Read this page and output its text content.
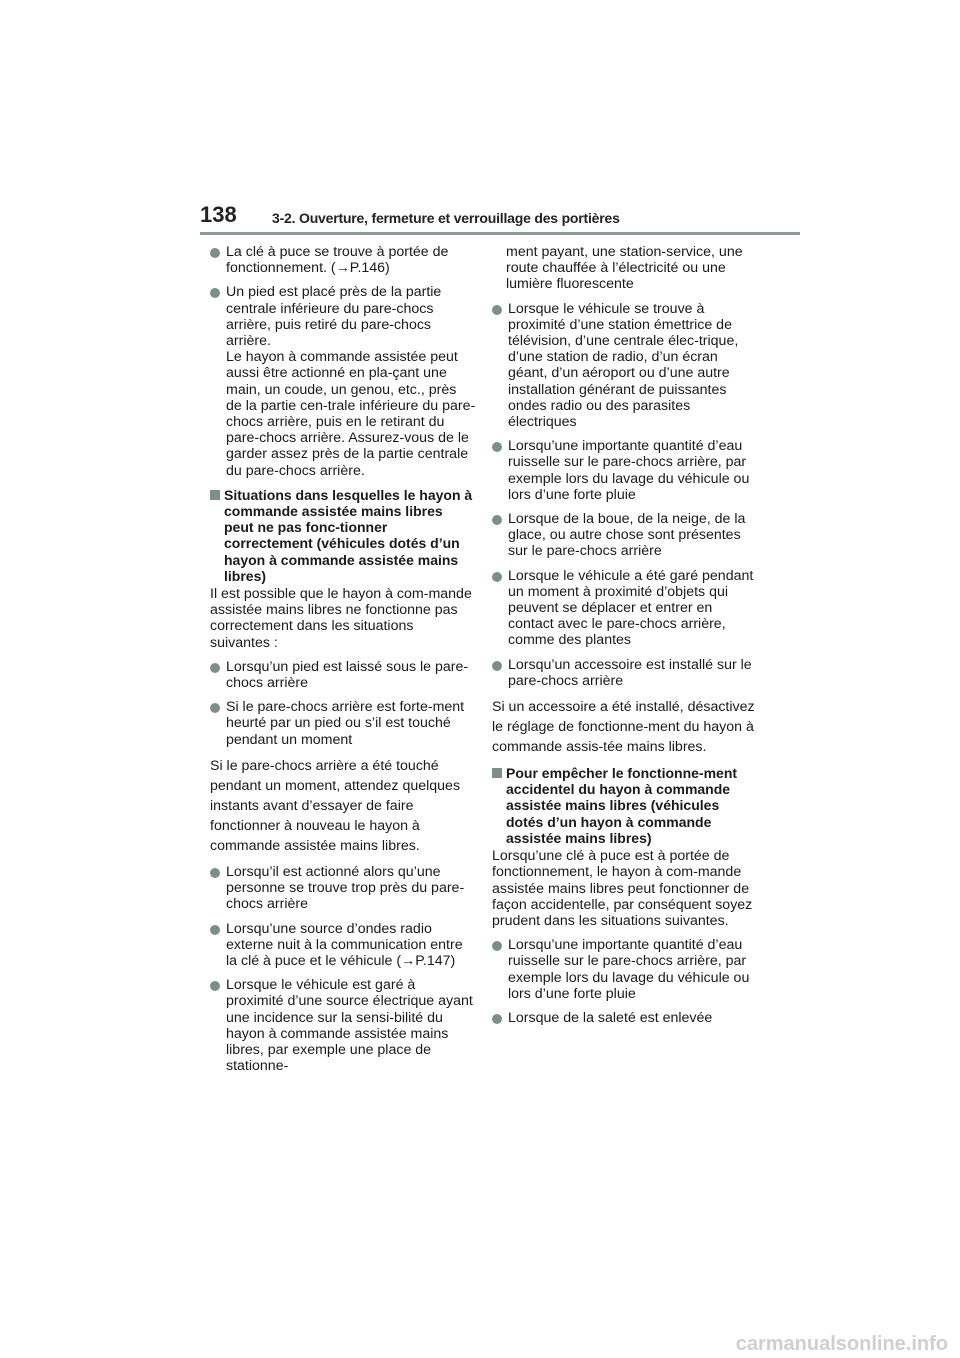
138	3-2. Ouverture, fermeture et verrouillage des portières
La clé à puce se trouve à portée de fonctionnement. (→P.146)
Un pied est placé près de la partie centrale inférieure du pare-chocs arrière, puis retiré du pare-chocs arrière.
Le hayon à commande assistée peut aussi être actionné en pla-çant une main, un coude, un genou, etc., près de la partie cen-trale inférieure du pare-chocs arrière, puis en le retirant du pare-chocs arrière. Assurez-vous de le garder assez près de la partie centrale du pare-chocs arrière.
Situations dans lesquelles le hayon à commande assistée mains libres peut ne pas fonc-tionner correctement (véhicules dotés d’un hayon à commande assistée mains libres)
Il est possible que le hayon à com-mande assistée mains libres ne fonctionne pas correctement dans les situations suivantes :
Lorsqu’un pied est laissé sous le pare-chocs arrière
Si le pare-chocs arrière est forte-ment heurté par un pied ou s’il est touché pendant un moment
Si le pare-chocs arrière a été touché pendant un moment, attendez quelques instants avant d’essayer de faire fonctionner à nouveau le hayon à commande assistée mains libres.
Lorsqu’il est actionné alors qu’une personne se trouve trop près du pare-chocs arrière
Lorsqu’une source d’ondes radio externe nuit à la communication entre la clé à puce et le véhicule (→P.147)
Lorsque le véhicule est garé à proximité d’une source électrique ayant une incidence sur la sensi-bilité du hayon à commande assistée mains libres, par exemple une place de stationne-
ment payant, une station-service, une route chauffée à l’électricité ou une lumière fluorescente
Lorsque le véhicule se trouve à proximité d’une station émettrice de télévision, d’une centrale élec-trique, d’une station de radio, d’un écran géant, d’un aéroport ou d’une autre installation générant de puissantes ondes radio ou des parasites électriques
Lorsqu’une importante quantité d’eau ruisselle sur le pare-chocs arrière, par exemple lors du lavage du véhicule ou lors d’une forte pluie
Lorsque de la boue, de la neige, de la glace, ou autre chose sont présentes sur le pare-chocs arrière
Lorsque le véhicule a été garé pendant un moment à proximité d’objets qui peuvent se déplacer et entrer en contact avec le pare-chocs arrière, comme des plantes
Lorsqu’un accessoire est installé sur le pare-chocs arrière
Si un accessoire a été installé, désactivez le réglage de fonctionne-ment du hayon à commande assis-tée mains libres.
Pour empêcher le fonctionne-ment accidentel du hayon à commande assistée mains libres (véhicules dotés d’un hayon à commande assistée mains libres)
Lorsqu’une clé à puce est à portée de fonctionnement, le hayon à com-mande assistée mains libres peut fonctionner de façon accidentelle, par conséquent soyez prudent dans les situations suivantes.
Lorsqu’une importante quantité d’eau ruisselle sur le pare-chocs arrière, par exemple lors du lavage du véhicule ou lors d’une forte pluie
Lorsque de la saleté est enlevée
carmanualsonline.info
